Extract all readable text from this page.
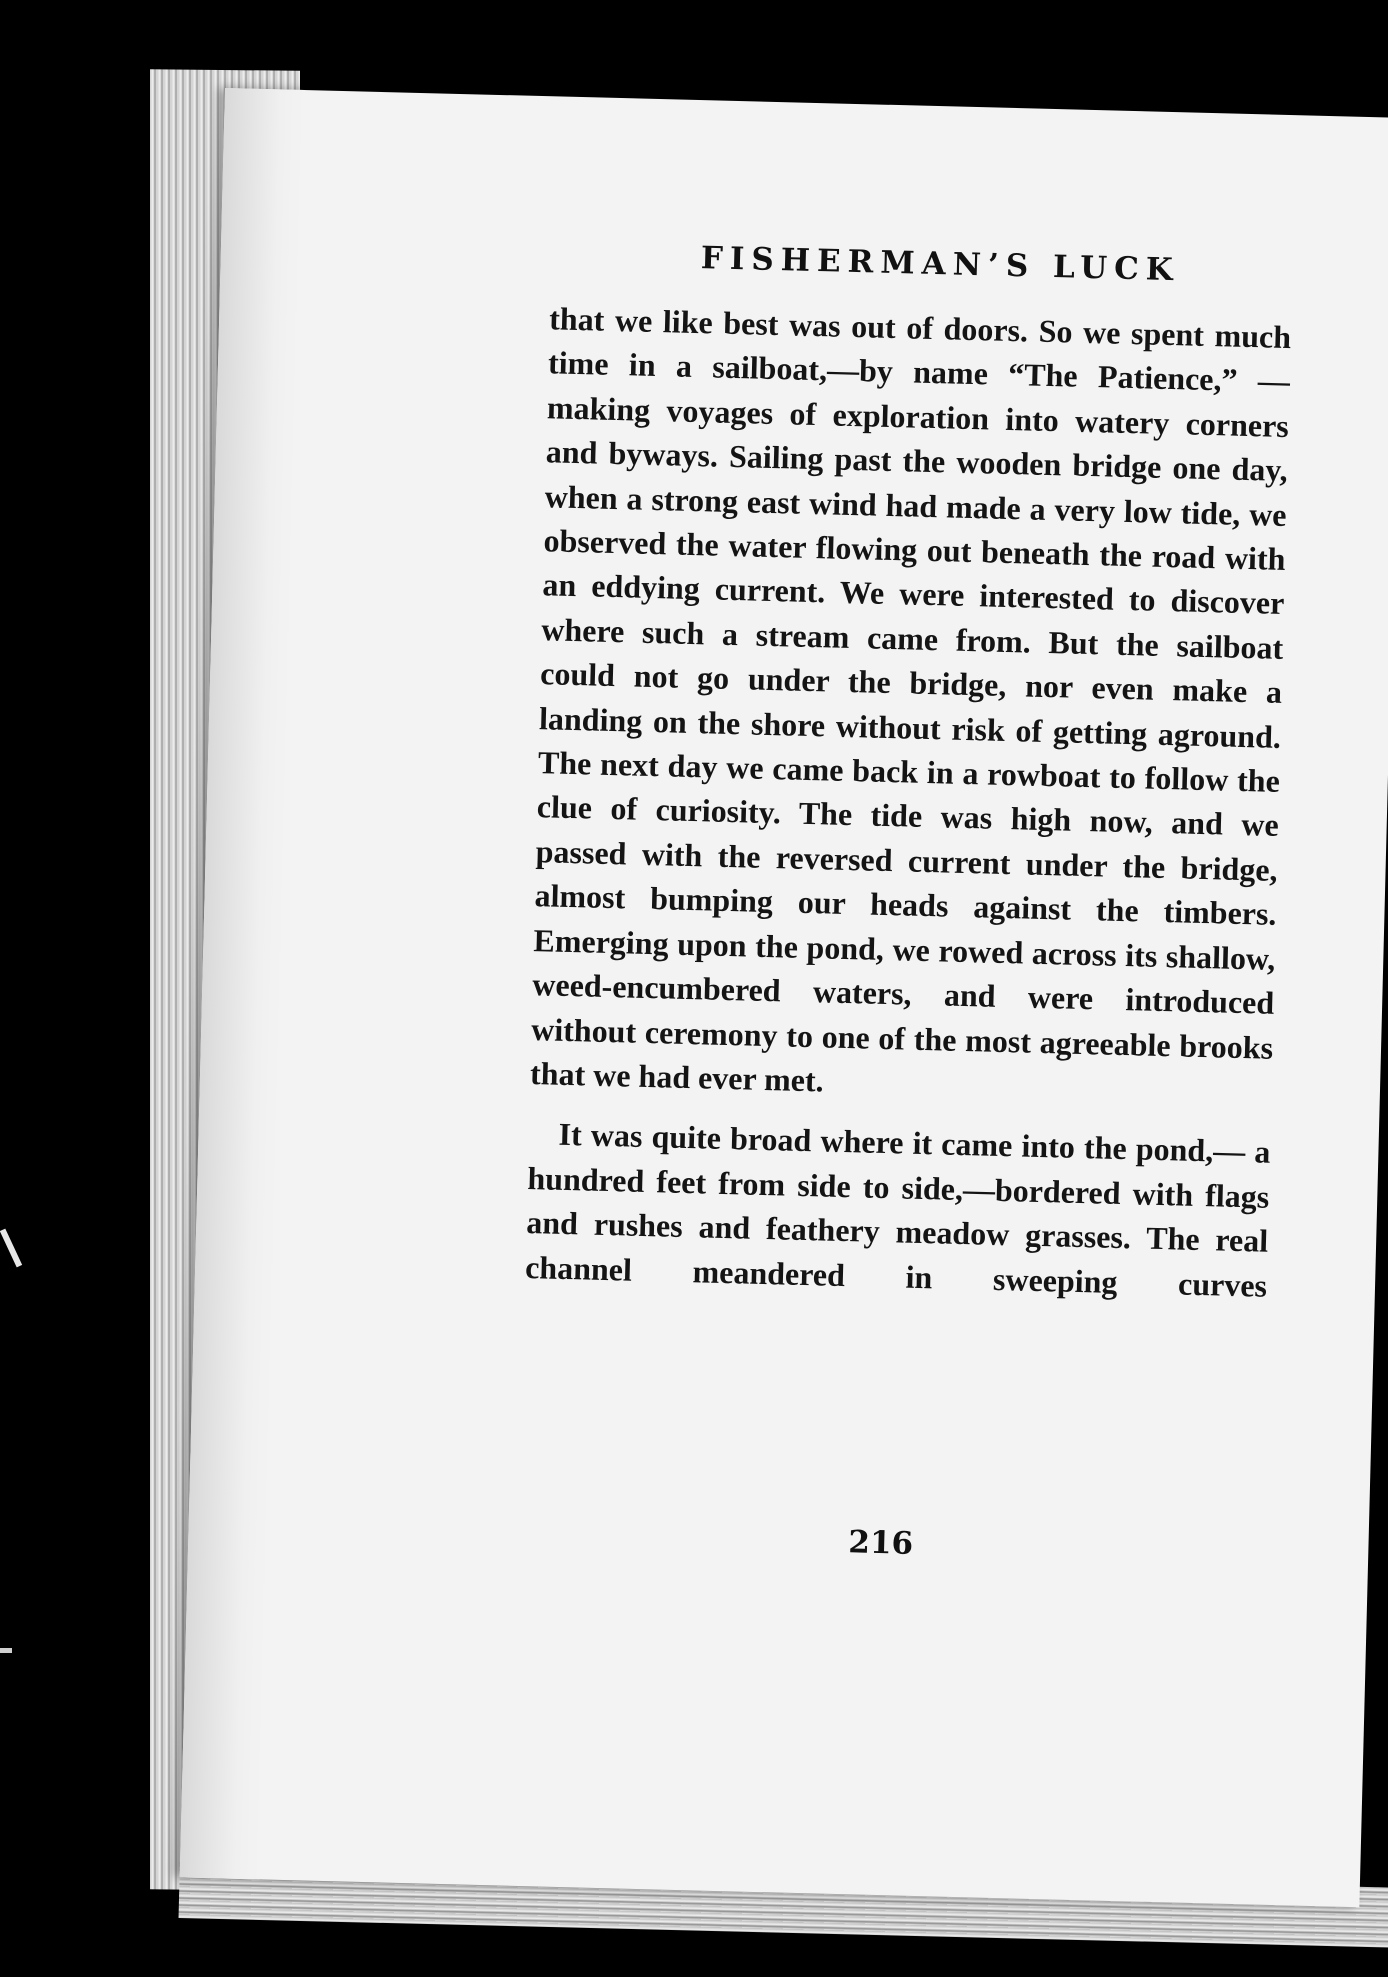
FISHERMAN’S LUCK

that we like best was out of doors. So we spent much time in a sailboat,—by name “The Patience,” —making voyages of exploration into watery corners and byways. Sailing past the wooden bridge one day, when a strong east wind had made a very low tide, we observed the water flowing out beneath the road with an eddying current. We were interested to discover where such a stream came from. But the sailboat could not go under the bridge, nor even make a landing on the shore without risk of getting aground. The next day we came back in a rowboat to follow the clue of curiosity. The tide was high now, and we passed with the reversed current under the bridge, almost bumping our heads against the timbers. Emerging upon the pond, we rowed across its shallow, weed-encumbered waters, and were introduced without ceremony to one of the most agreeable brooks that we had ever met.

It was quite broad where it came into the pond,— a hundred feet from side to side,—bordered with flags and rushes and feathery meadow grasses. The real channel meandered in sweeping curves

216
